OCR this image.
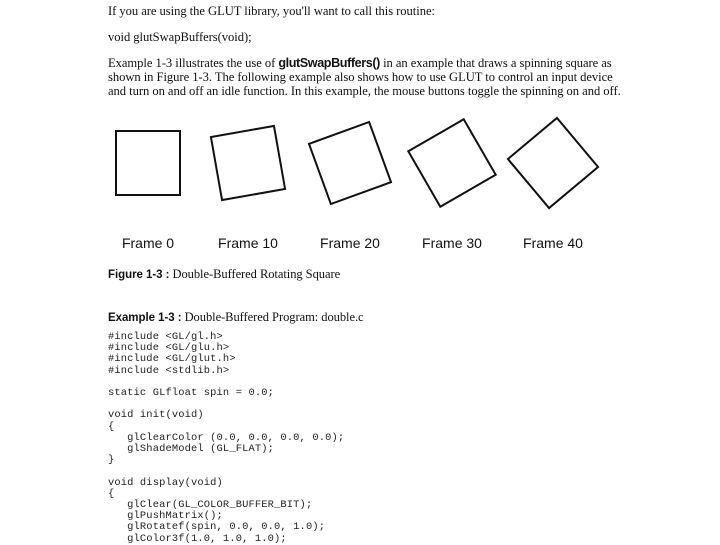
If you are using the GLUT library, you'll want to call this routine:
void glutSwapBuffers(void);
Example 1-3 illustrates the use of glutSwapBuffers() in an example that draws a spinning square as
shown in Figure 1-3. The following example also shows how to use GLUT to control an input device
and turn on and off an idle function. In this example, the mouse buttons toggle the spinning on and off.
Frame 0	Frame 10	Frame 20	Frame 30	Frame 40
Figure 1-3 : Double-Buffered Rotating Square
Example 1-3 : Double-Buffered Program: double.c
#include <GL/gl.h>
#include <GL/glu.h>
#include <GL/glut.h>
#include <stdlib.h>
static GLfloat spin = 0.0;
void init(void)
{
glClearColor (0.0, 0.0, 0.0, 0.0);
glShadeModel (GL_FLAT);
}
void display(void)
{
glClear(GL_COLOR_BUFFER_BIT);
glPushMatrix();
glRotatef(spin, 0.0, 0.0, 1.0);
glColor3f(1.0, 1.0, 1.0);
